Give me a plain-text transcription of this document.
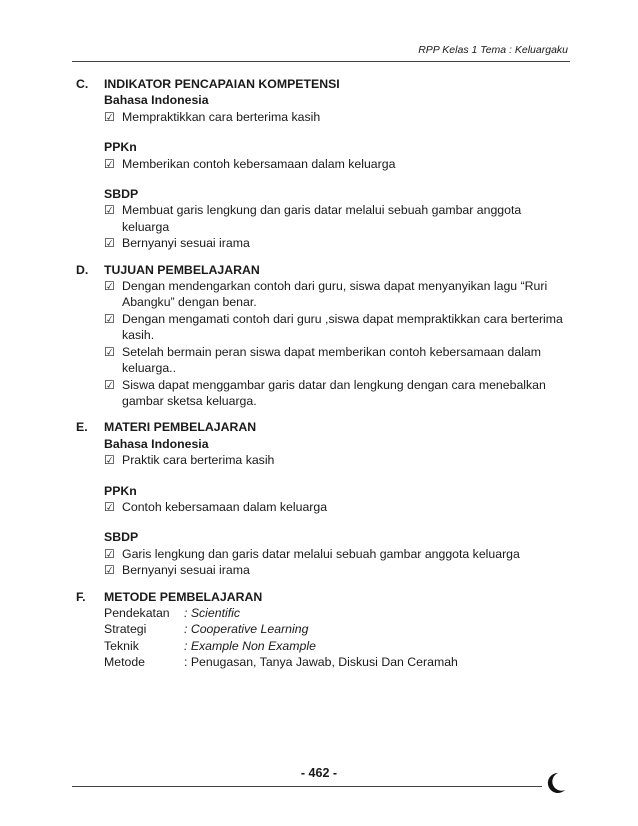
RPP Kelas 1 Tema : Keluargaku
C.	INDIKATOR PENCAPAIAN KOMPETENSI
Bahasa Indonesia
☑ Mempraktikkan cara berterima kasih
PPKn
☑ Memberikan contoh kebersamaan dalam keluarga
SBDP
☑ Membuat garis lengkung dan garis datar melalui sebuah gambar anggota keluarga
☑ Bernyanyi sesuai irama
D.	TUJUAN PEMBELAJARAN
☑ Dengan mendengarkan contoh dari guru, siswa dapat menyanyikan lagu “Ruri Abangku” dengan benar.
☑ Dengan mengamati contoh dari guru ,siswa dapat mempraktikkan cara berterima kasih.
☑ Setelah bermain peran siswa dapat memberikan contoh kebersamaan dalam keluarga..
☑ Siswa dapat menggambar garis datar dan lengkung dengan cara menebalkan gambar sketsa keluarga.
E.	MATERI PEMBELAJARAN
Bahasa Indonesia
☑ Praktik cara berterima kasih
PPKn
☑ Contoh kebersamaan dalam keluarga
SBDP
☑ Garis lengkung dan garis datar melalui sebuah gambar anggota keluarga
☑ Bernyanyi sesuai irama
F.	METODE PEMBELAJARAN
Pendekatan	: Scientific
Strategi	: Cooperative Learning
Teknik	: Example Non Example
Metode	: Penugasan, Tanya Jawab, Diskusi Dan Ceramah
- 462 -
